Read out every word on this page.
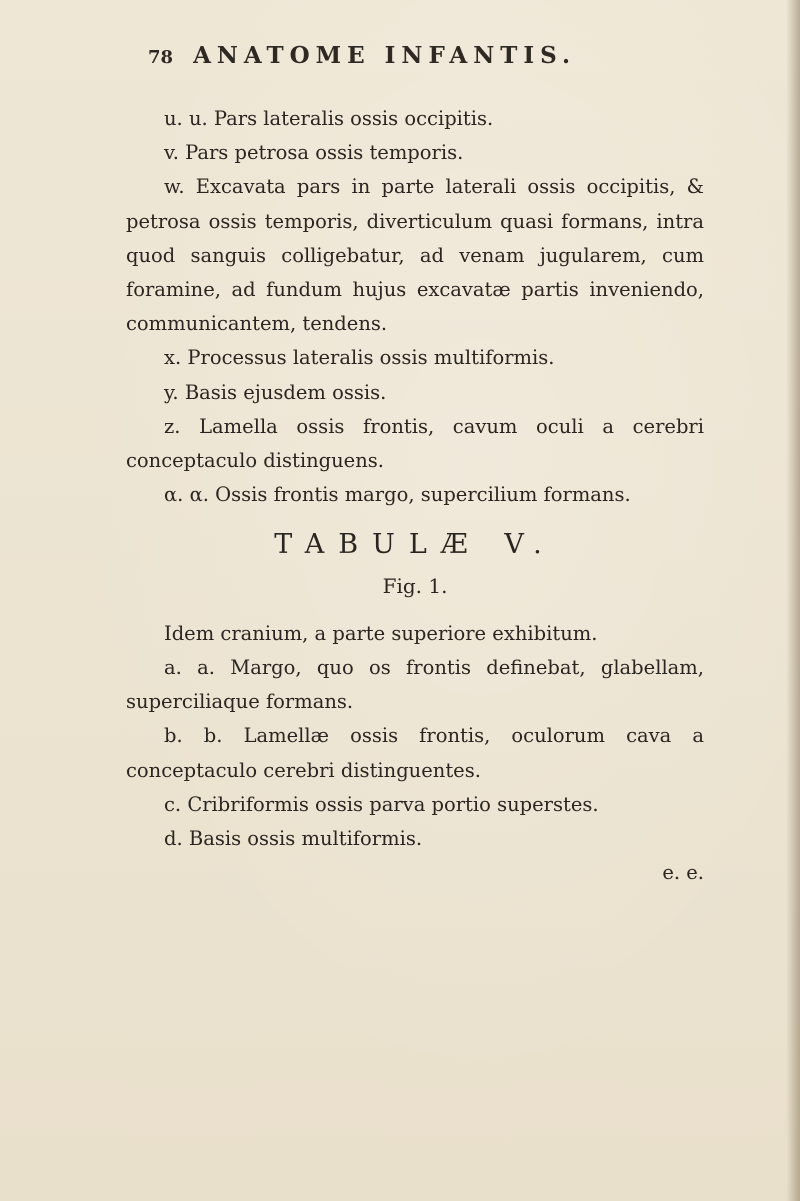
78 ANATOME INFANTIS.

u. u. Pars lateralis ossis occipitis.

v. Pars petrosa ossis temporis.

w. Excavata pars in parte laterali ossis occipitis, & petrosa ossis temporis, diverticulum quasi formans, intra quod sanguis colligebatur, ad venam jugularem, cum foramine, ad fundum hujus excavatæ partis inveniendo, communicantem, tendens.

x. Processus lateralis ossis multiformis.

y. Basis ejusdem ossis.

z. Lamella ossis frontis, cavum oculi a cerebri conceptaculo distinguens.

α. α. Ossis frontis margo, supercilium formans.

TABULÆ V.

Fig. 1.

Idem cranium, a parte superiore exhibitum.

a. a. Margo, quo os frontis definebat, glabellam, superciliaque formans.

b. b. Lamellæ ossis frontis, oculorum cava a conceptaculo cerebri distinguentes.

c. Cribriformis ossis parva portio superstes.

d. Basis ossis multiformis.

e. e.
